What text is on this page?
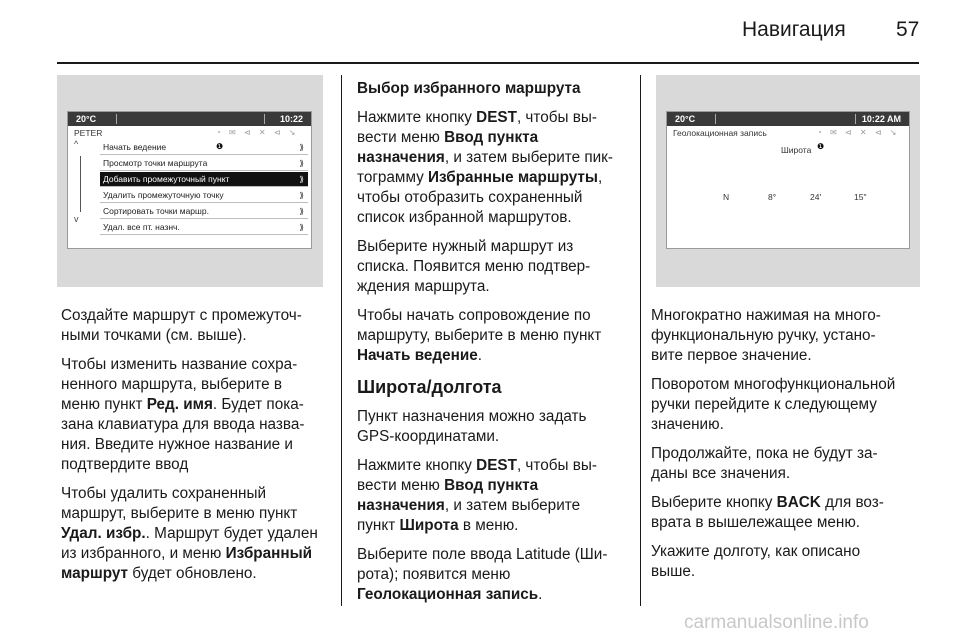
Навигация 57
20°C	10:22
PETER	◔ ✉ ⊲ ✕ ⊲ ↘ ❶
^
v
Начать ведение	⟫
Просмотр точки маршрута	⟫
Добавить промежуточный пункт	⟫
Удалить промежуточную точку	⟫
Сортировать точки маршр.	⟫
Удал. все пт. назнч.	⟫

Создайте маршрут с промежуточ-
ными точками (см. выше).

Чтобы изменить название сохра-
ненного маршрута, выберите в
меню пункт Ред. имя. Будет пока-
зана клавиатура для ввода назва-
ния. Введите нужное название и
подтвердите ввод

Чтобы удалить сохраненный
маршрут, выберите в меню пункт
Удал. избр.. Маршрут будет удален
из избранного, и меню Избранный
маршрут будет обновлено.

Выбор избранного маршрута

Нажмите кнопку DEST, чтобы вы-
вести меню Ввод пункта
назначения, и затем выберите пик-
тограмму Избранные маршруты,
чтобы отобразить сохраненный
список избранной маршрутов.

Выберите нужный маршрут из
списка. Появится меню подтвер-
ждения маршрута.

Чтобы начать сопровождение по
маршруту, выберите в меню пункт
Начать ведение.

Широта/долгота

Пункт назначения можно задать
GPS-координатами.

Нажмите кнопку DEST, чтобы вы-
вести меню Ввод пункта
назначения, и затем выберите
пункт Широта в меню.

Выберите поле ввода Latitude (Ши-
рота); появится меню
Геолокационная запись.

20°C	10:22 AM
Геолокационная запись	◔ ✉ ⊲ ✕ ⊲ ↘ ❶
Широта
N	8°	24'	15"

Многократно нажимая на много-
функциональную ручку, устано-
вите первое значение.

Поворотом многофункциональной
ручки перейдите к следующему
значению.

Продолжайте, пока не будут за-
даны все значения.

Выберите кнопку BACK для воз-
врата в вышележащее меню.

Укажите долготу, как описано
выше.

carmanualsonline.info
